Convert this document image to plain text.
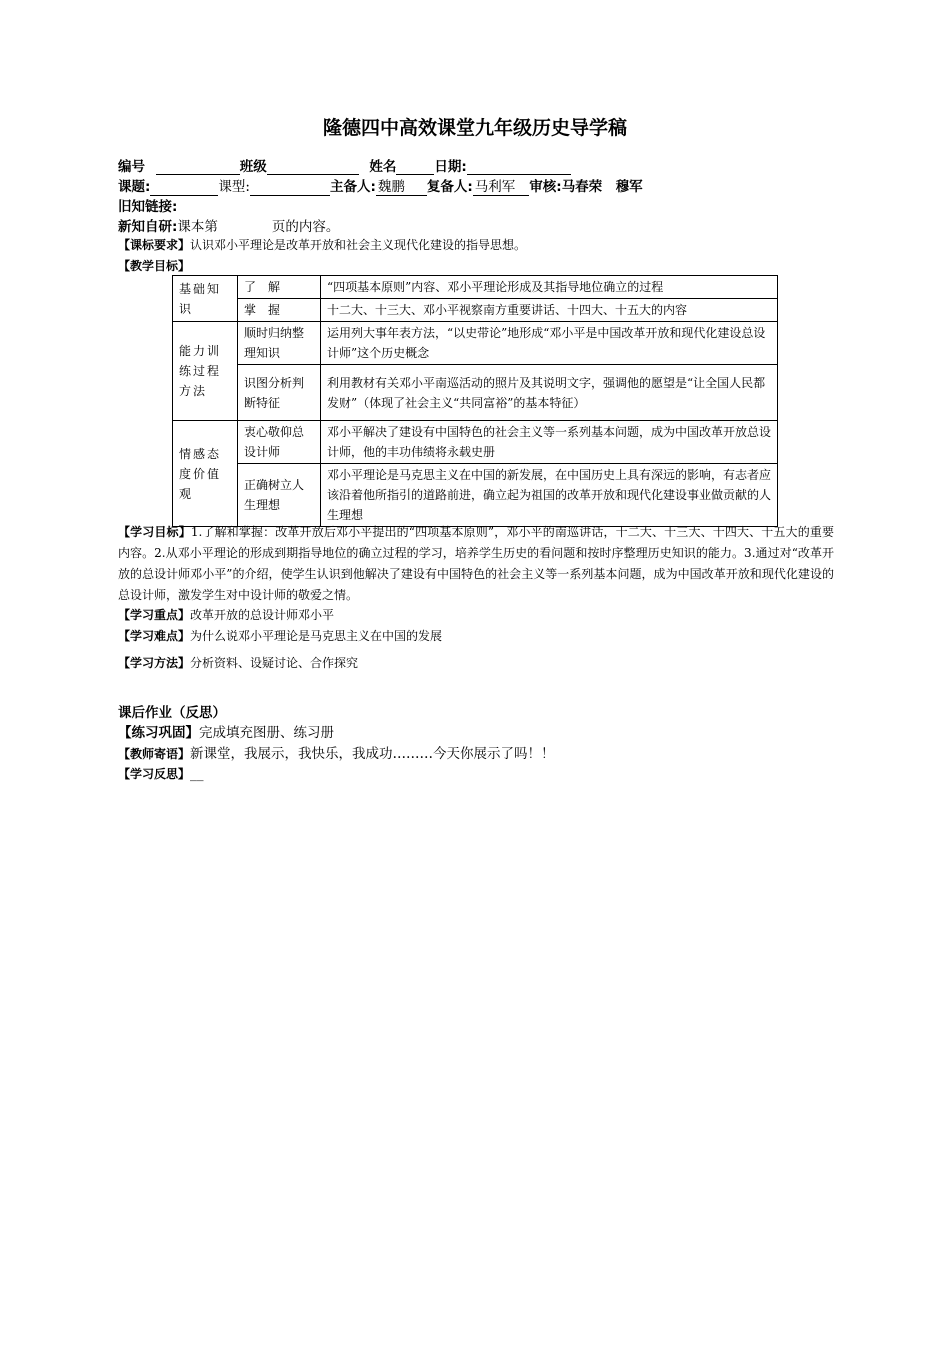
隆德四中高效课堂九年级历史导学稿
编号	班级	姓名	日期:
课题:	课型:	主备人: 魏鹏 复备人: 马利军 审核:马春荣　穆军
旧知链接:
新知自研:课本第	页的内容。
【课标要求】认识邓小平理论是改革开放和社会主义现代化建设的指导思想。
【教学目标】
基础知识	了　解	“四项基本原则”内容、邓小平理论形成及其指导地位确立的过程
	掌　握	十二大、十三大、邓小平视察南方重要讲话、十四大、十五大的内容
能力训练过程方法	顺时归纳整理知识	运用列大事年表方法，“以史带论”地形成“邓小平是中国改革开放和现代化建设总设计师”这个历史概念
	识图分析判断特征	利用教材有关邓小平南巡活动的照片及其说明文字，强调他的愿望是“让全国人民都发财”（体现了社会主义“共同富裕”的基本特征）
情感态度价值观	衷心敬仰总设计师	邓小平解决了建设有中国特色的社会主义等一系列基本问题，成为中国改革开放总设计师，他的丰功伟绩将永载史册
	正确树立人生理想	邓小平理论是马克思主义在中国的新发展，在中国历史上具有深远的影响，有志者应该沿着他所指引的道路前进，确立起为祖国的改革开放和现代化建设事业做贡献的人生理想
【学习目标】1.了解和掌握：改革开放后邓小平提出的“四项基本原则”，邓小平的南巡讲话，十二大、十三大、十四大、十五大的重要内容。2.从邓小平理论的形成到期指导地位的确立过程的学习，培养学生历史的看问题和按时序整理历史知识的能力。3.通过对“改革开放的总设计师邓小平”的介绍，使学生认识到他解决了建设有中国特色的社会主义等一系列基本问题，成为中国改革开放和现代化建设的总设计师，激发学生对中设计师的敬爱之情。
【学习重点】改革开放的总设计师邓小平
【学习难点】为什么说邓小平理论是马克思主义在中国的发展
【学习方法】分析资料、设疑讨论、合作探究
课后作业（反思）
【练习巩固】完成填充图册、练习册
【教师寄语】新课堂，我展示，我快乐，我成功………今天你展示了吗！！
【学习反思】__
